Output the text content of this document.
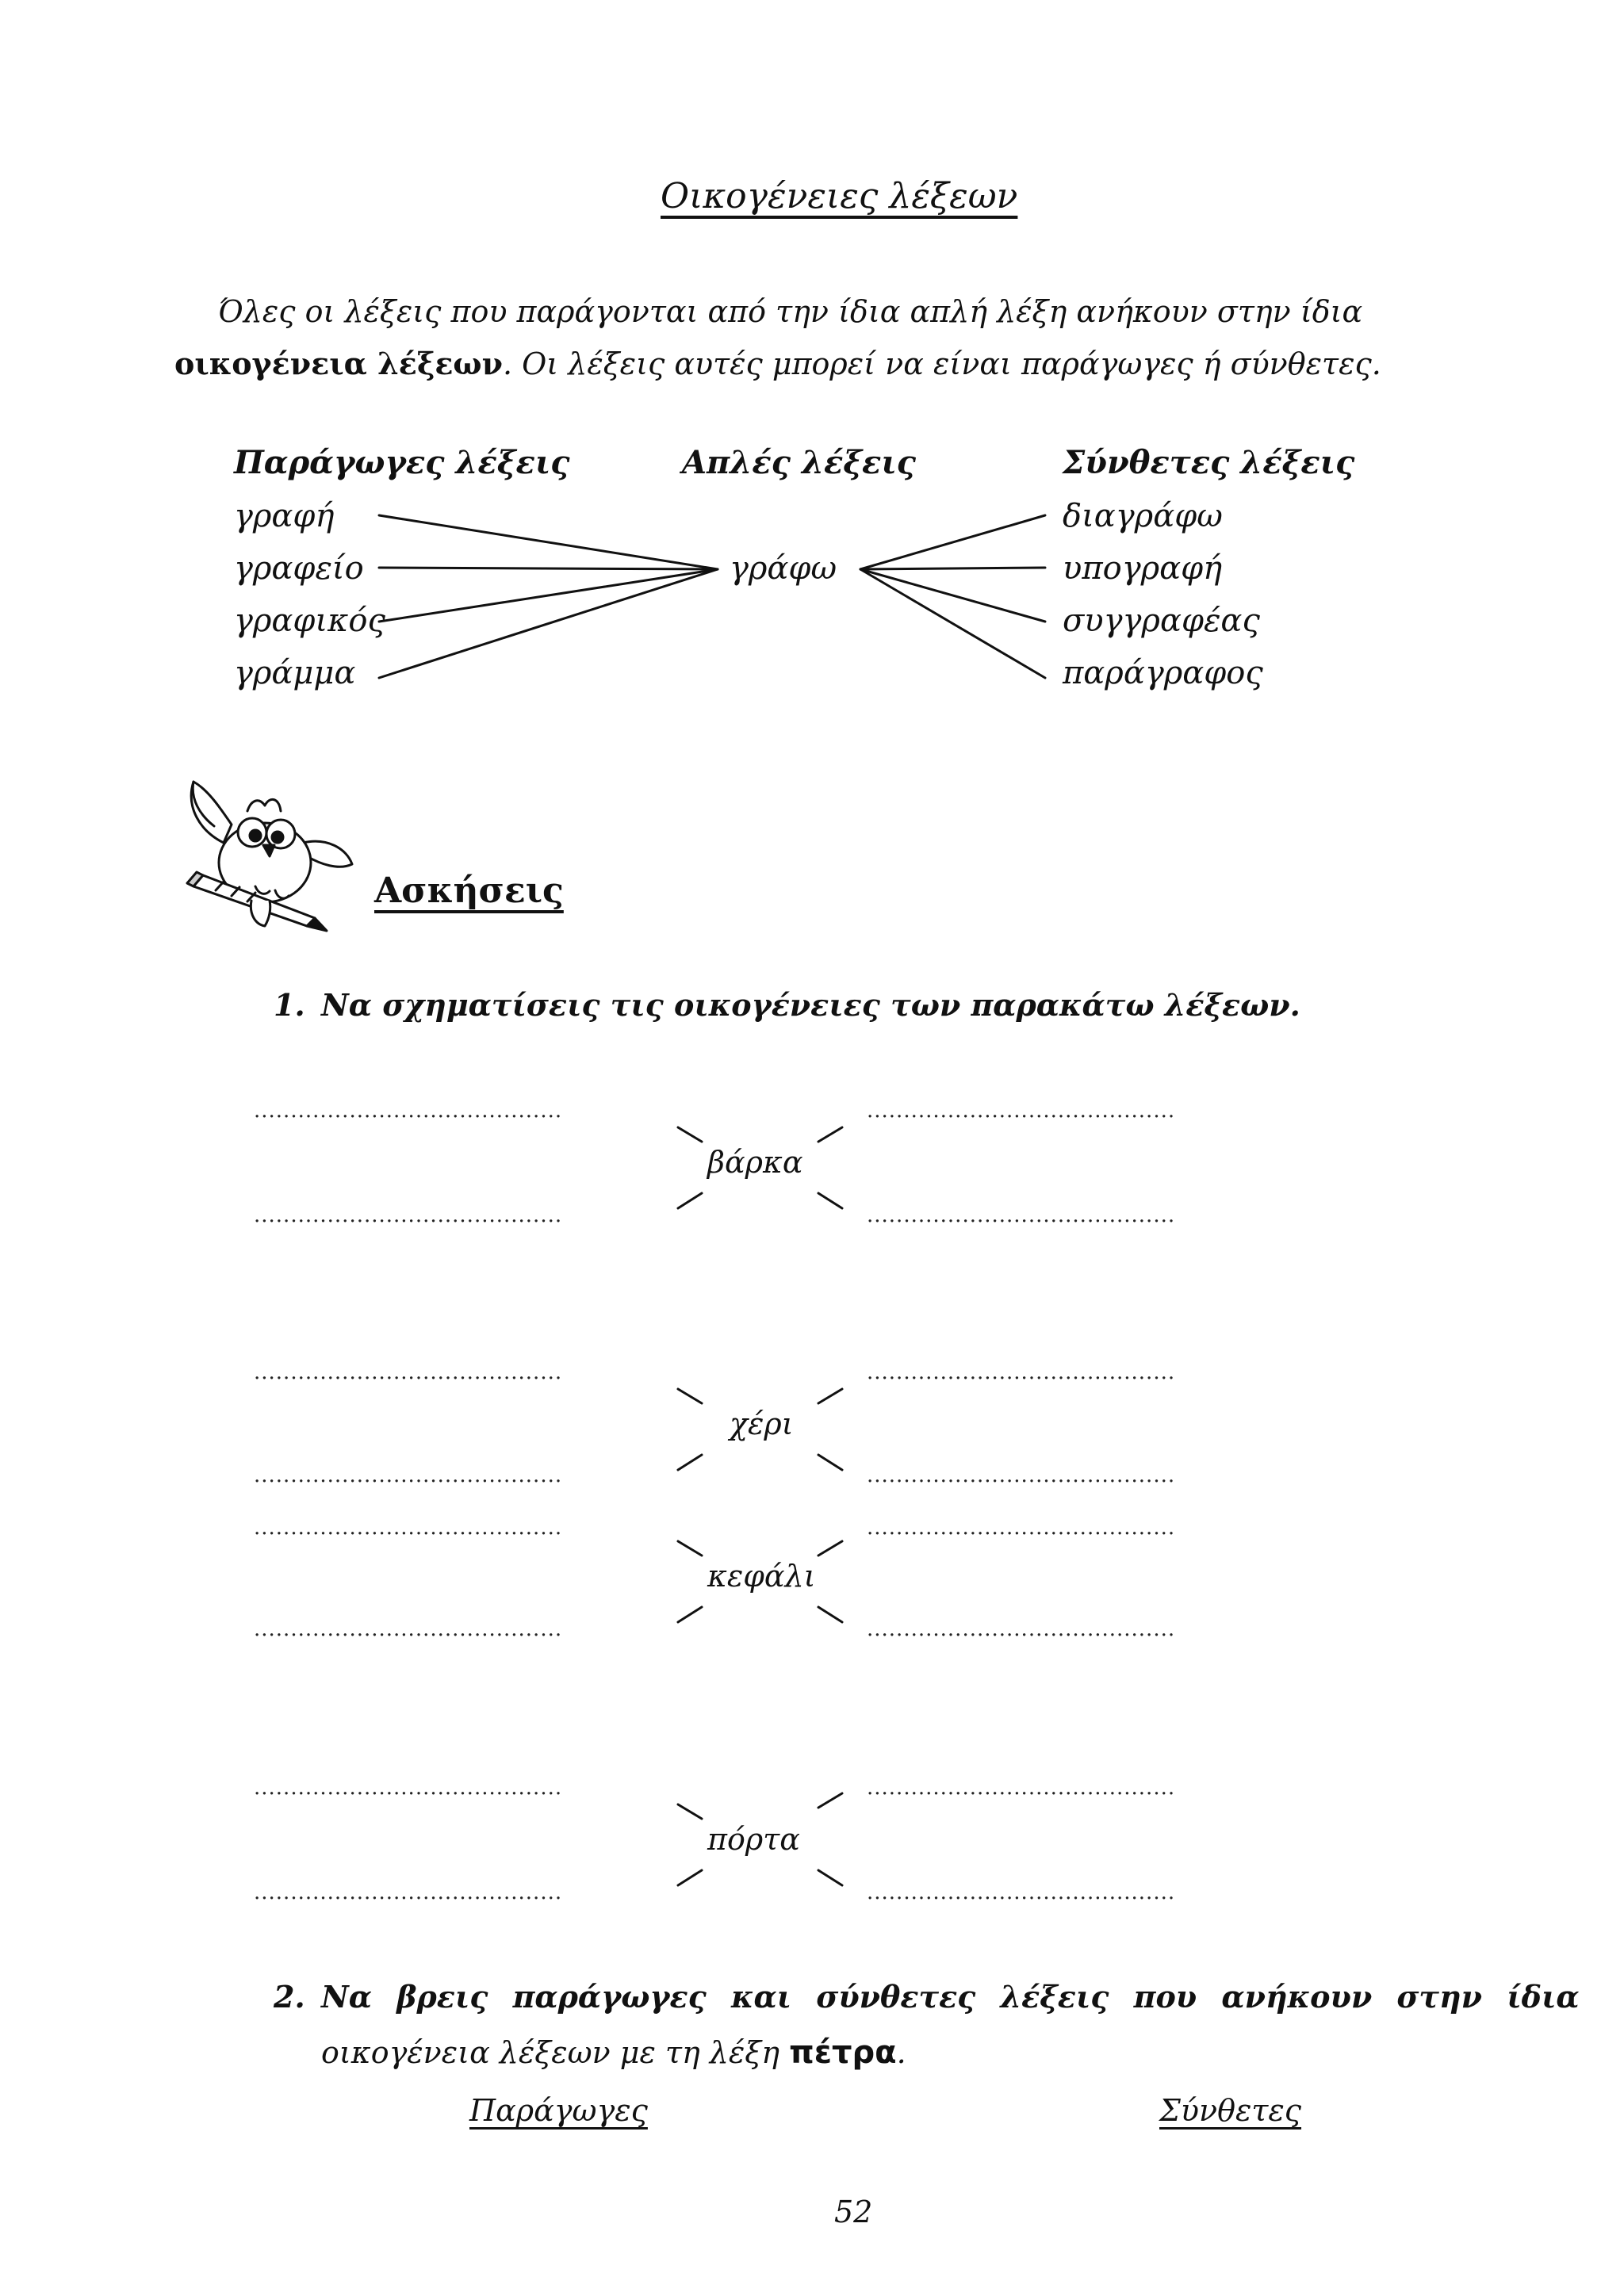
Οικογένειες λέξεων
Όλες οι λέξεις που παράγονται από την ίδια απλή λέξη ανήκουν στην ίδια
οικογένεια λέξεων. Οι λέξεις αυτές μπορεί να είναι παράγωγες ή σύνθετες.
Παράγωγες λέξεις	Απλές λέξεις	Σύνθετες λέξεις
γραφή
γραφείο
γραφικός
γράμμα
γράφω
διαγράφω
υπογραφή
συγγραφέας
παράγραφος
Ασκήσεις
1. Να σχηματίσεις τις οικογένειες των παρακάτω λέξεων.
..........................................	..........................................
βάρκα
..........................................	..........................................
..........................................	..........................................
χέρι
..........................................	..........................................
..........................................	..........................................
κεφάλι
..........................................	..........................................
..........................................	..........................................
πόρτα
..........................................	..........................................
2. Να βρεις παράγωγες και σύνθετες λέξεις που ανήκουν στην ίδια
οικογένεια λέξεων με τη λέξη πέτρα.
Παράγωγες	Σύνθετες
52
